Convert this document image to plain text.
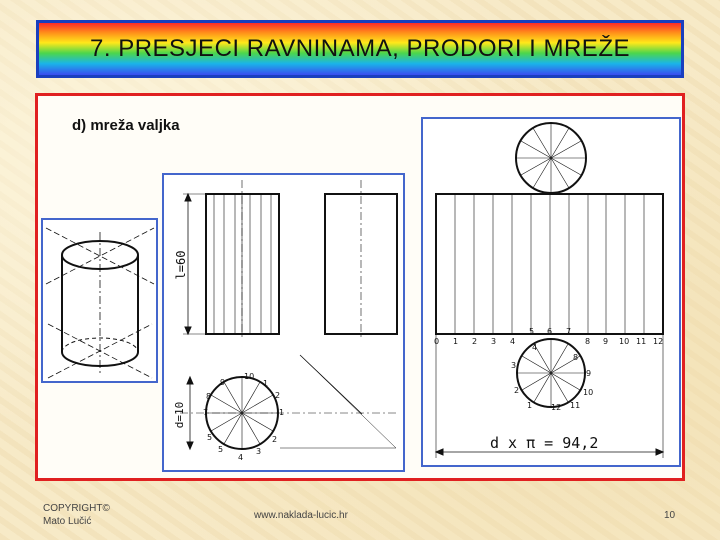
7. PRESJECI RAVNINAMA, PRODORI I MREŽE
d) mreža valjka
l=60
d=10
9
10
1
8	2
7	1
5	2
5
4
3
0 1 2 3 4
5 6 7
8 9 10 11 12
4
8
3
9
2	10
1 12 11
d x π = 94,2
COPYRIGHT©
Mato Lučić
www.naklada-lucic.hr	10
